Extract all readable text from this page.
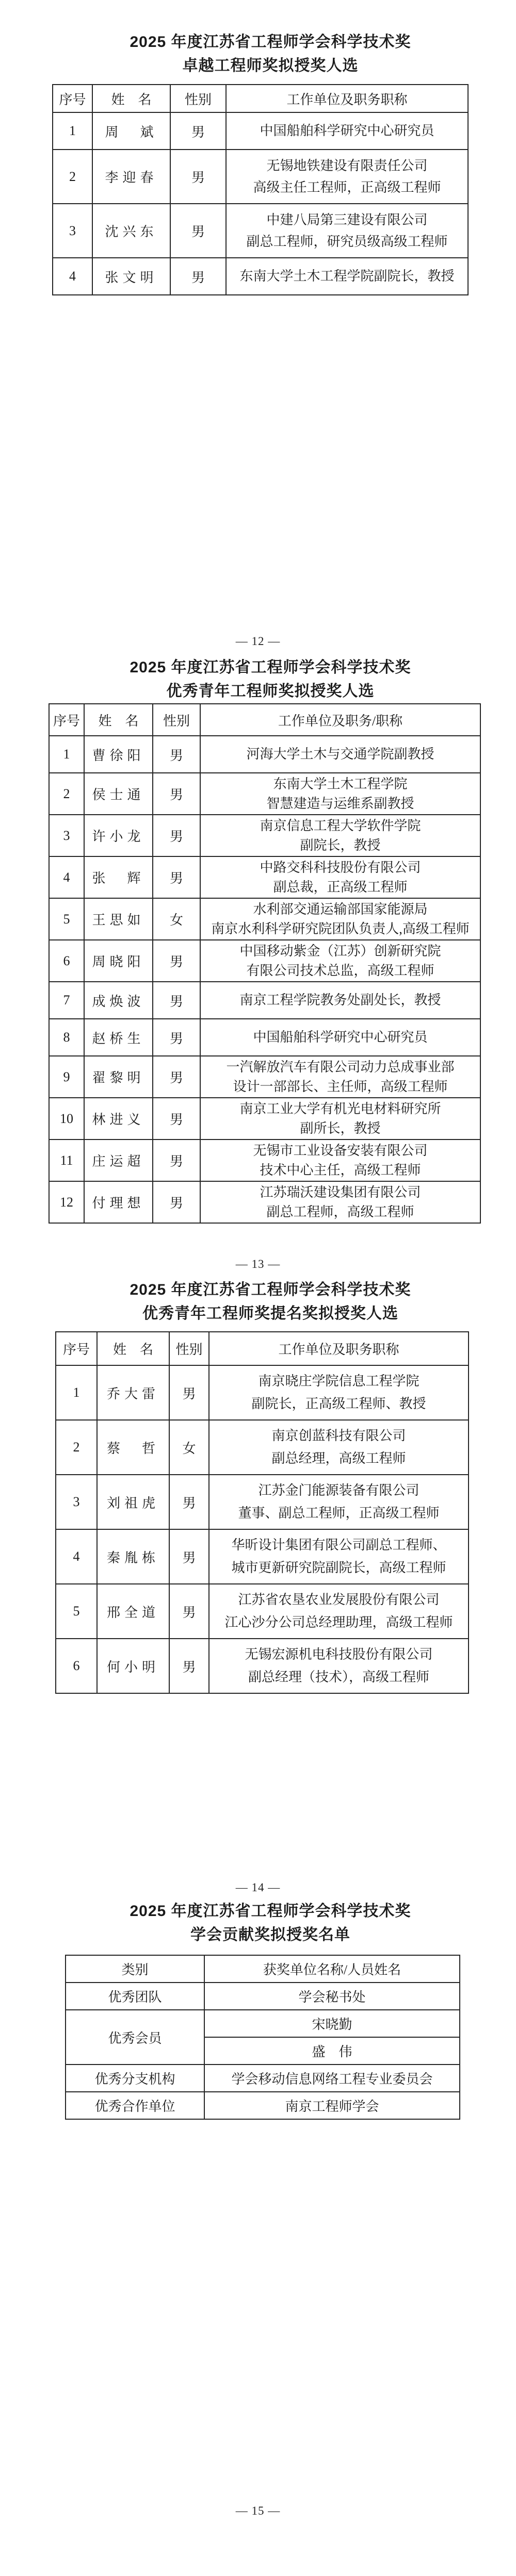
2025 年度江苏省工程师学会科学技术奖
卓越工程师奖拟授奖人选
序号	姓　名	性别	工作单位及职务职称
1	周　斌	男	中国船舶科学研究中心研究员

2	李迎春	男	无锡地铁建设有限责任公司
高级主任工程师，正高级工程师

3	沈兴东	男	中建八局第三建设有限公司
副总工程师，研究员级高级工程师

4	张文明	男	东南大学土木工程学院副院长，教授
— 12 —
2025 年度江苏省工程师学会科学技术奖
优秀青年工程师奖拟授奖人选
序号	姓　名	性别	工作单位及职务/职称
1	曹徐阳	男	河海大学土木与交通学院副教授

2	侯士通	男	东南大学土木工程学院
智慧建造与运维系副教授

3	许小龙	男	南京信息工程大学软件学院
副院长，教授

4	张　辉	男	中路交科科技股份有限公司
副总裁，正高级工程师

5	王思如	女	水利部交通运输部国家能源局
南京水利科学研究院团队负责人,高级工程师

6	周晓阳	男	中国移动紫金（江苏）创新研究院
有限公司技术总监，高级工程师

7	成焕波	男	南京工程学院教务处副处长，教授

8	赵桥生	男	中国船舶科学研究中心研究员

9	翟黎明	男	一汽解放汽车有限公司动力总成事业部
设计一部部长、主任师，高级工程师

10	林进义	男	南京工业大学有机光电材料研究所
副所长，教授

11	庄运超	男	无锡市工业设备安装有限公司
技术中心主任，高级工程师

12	付理想	男	江苏瑞沃建设集团有限公司
副总工程师，高级工程师
— 13 —
2025 年度江苏省工程师学会科学技术奖
优秀青年工程师奖提名奖拟授奖人选
序号	姓　名	性别	工作单位及职务职称
1	乔大雷	男	南京晓庄学院信息工程学院
副院长，正高级工程师、教授

2	蔡　哲	女	南京创蓝科技有限公司
副总经理，高级工程师

3	刘祖虎	男	江苏金门能源装备有限公司
董事、副总工程师，正高级工程师

4	秦胤栋	男	华昕设计集团有限公司副总工程师、
城市更新研究院副院长，高级工程师

5	邢全道	男	江苏省农垦农业发展股份有限公司
江心沙分公司总经理助理，高级工程师

6	何小明	男	无锡宏源机电科技股份有限公司
副总经理（技术），高级工程师
— 14 —
2025 年度江苏省工程师学会科学技术奖
学会贡献奖拟授奖名单
类别	获奖单位名称/人员姓名
优秀团队	学会秘书处
优秀会员	宋晓勤
	盛　伟
优秀分支机构	学会移动信息网络工程专业委员会
优秀合作单位	南京工程师学会
— 15 —
